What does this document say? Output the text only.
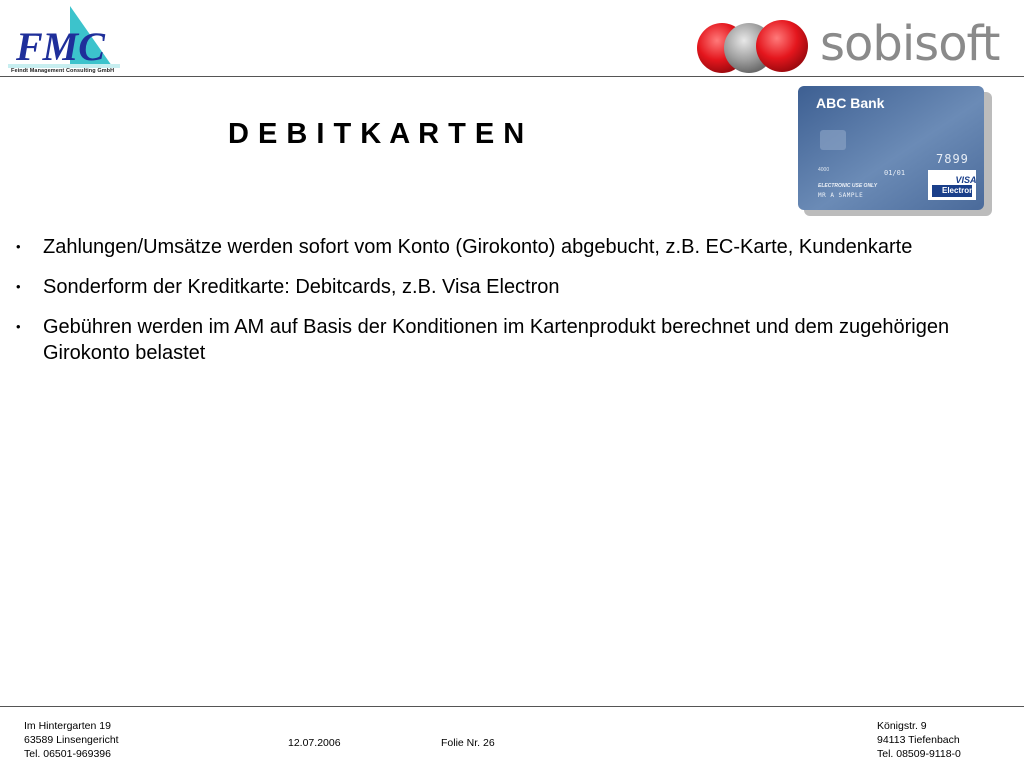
FMC
Feindt Management Consulting GmbH	sobisoft
D E B I T K A R T E N
ABC Bank
7899
4000	01/01
ELECTRONIC USE ONLY
MR A SAMPLE
VISA
Electron
• Zahlungen/Umsätze werden sofort vom Konto (Girokonto) abgebucht, z.B. EC-Karte, Kundenkarte
• Sonderform der Kreditkarte: Debitcards, z.B. Visa Electron
• Gebühren werden im AM auf Basis der Konditionen im Kartenprodukt berechnet und dem zugehörigen Girokonto belastet
Im Hintergarten 19
63589 Linsengericht
Tel. 06501-969396
12.07.2006	Folie Nr. 26
Königstr. 9
94113 Tiefenbach
Tel. 08509-9118-0
